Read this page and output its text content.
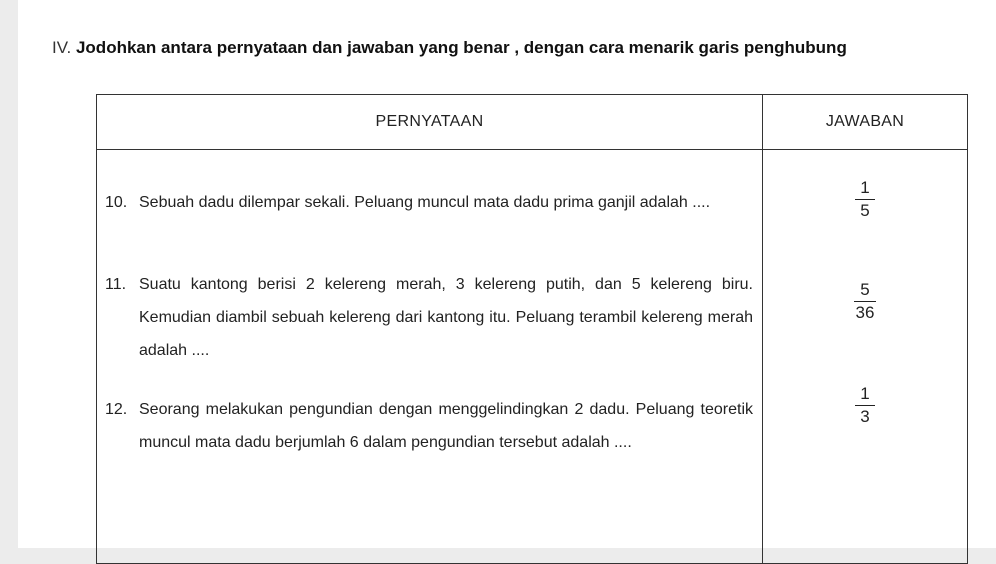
IV. Jodohkan antara pernyataan dan jawaban yang benar , dengan cara menarik garis penghubung
PERNYATAAN	JAWABAN
10. Sebuah dadu dilempar sekali. Peluang muncul mata dadu prima ganjil adalah ....
11. Suatu kantong berisi 2 kelereng merah, 3 kelereng putih, dan 5 kelereng biru. Kemudian diambil sebuah kelereng dari kantong itu. Peluang terambil kelereng merah adalah ....
12. Seorang melakukan pengundian dengan menggelindingkan 2 dadu. Peluang teoretik muncul mata dadu berjumlah 6 dalam pengundian tersebut adalah ....
$\frac{1}{5}$
$\frac{5}{36}$
$\frac{1}{3}$
